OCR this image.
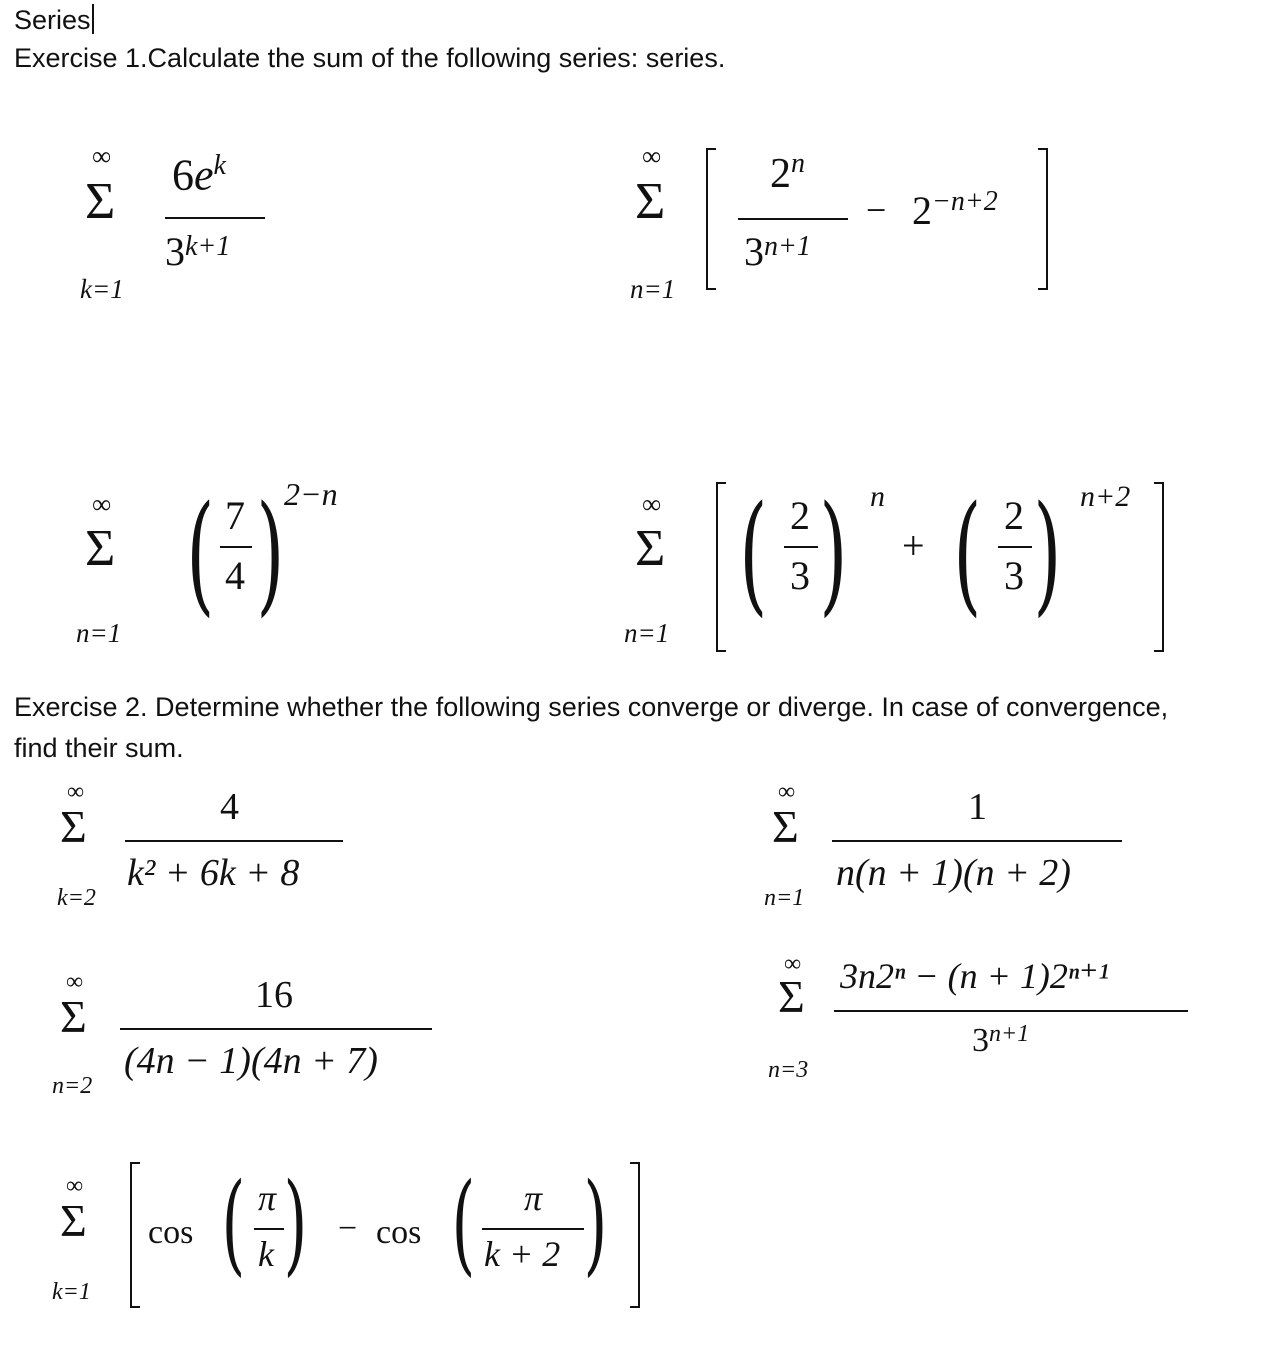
Series

Exercise 1.Calculate the sum of the following series: series.

∞
Σ
k=1
$6e^k$
$3^{k+1}$
∞
Σ
n=1
2$^n$
$3^{n+1}$
− $2^{-n+2}$
∞
Σ
n=1
( 7
4 ) 2−n	∞
Σ
n=1
( 2
3 ) n
+ ( 2
3 ) n+2

Exercise 2. Determine whether the following series converge or diverge. In case of convergence, find their sum.

∞
Σ
k=2
4
k² + 6k + 8
∞
Σ
n=1
1
n(n + 1)(n + 2)
∞
Σ
n=2
16
(4n − 1)(4n + 7)
∞
Σ
n=3
3n2ⁿ − (n + 1)2ⁿ⁺¹
$3^{n+1}$
∞
Σ
k=1
cos ( π
k ) − cos ( π
k + 2 )
